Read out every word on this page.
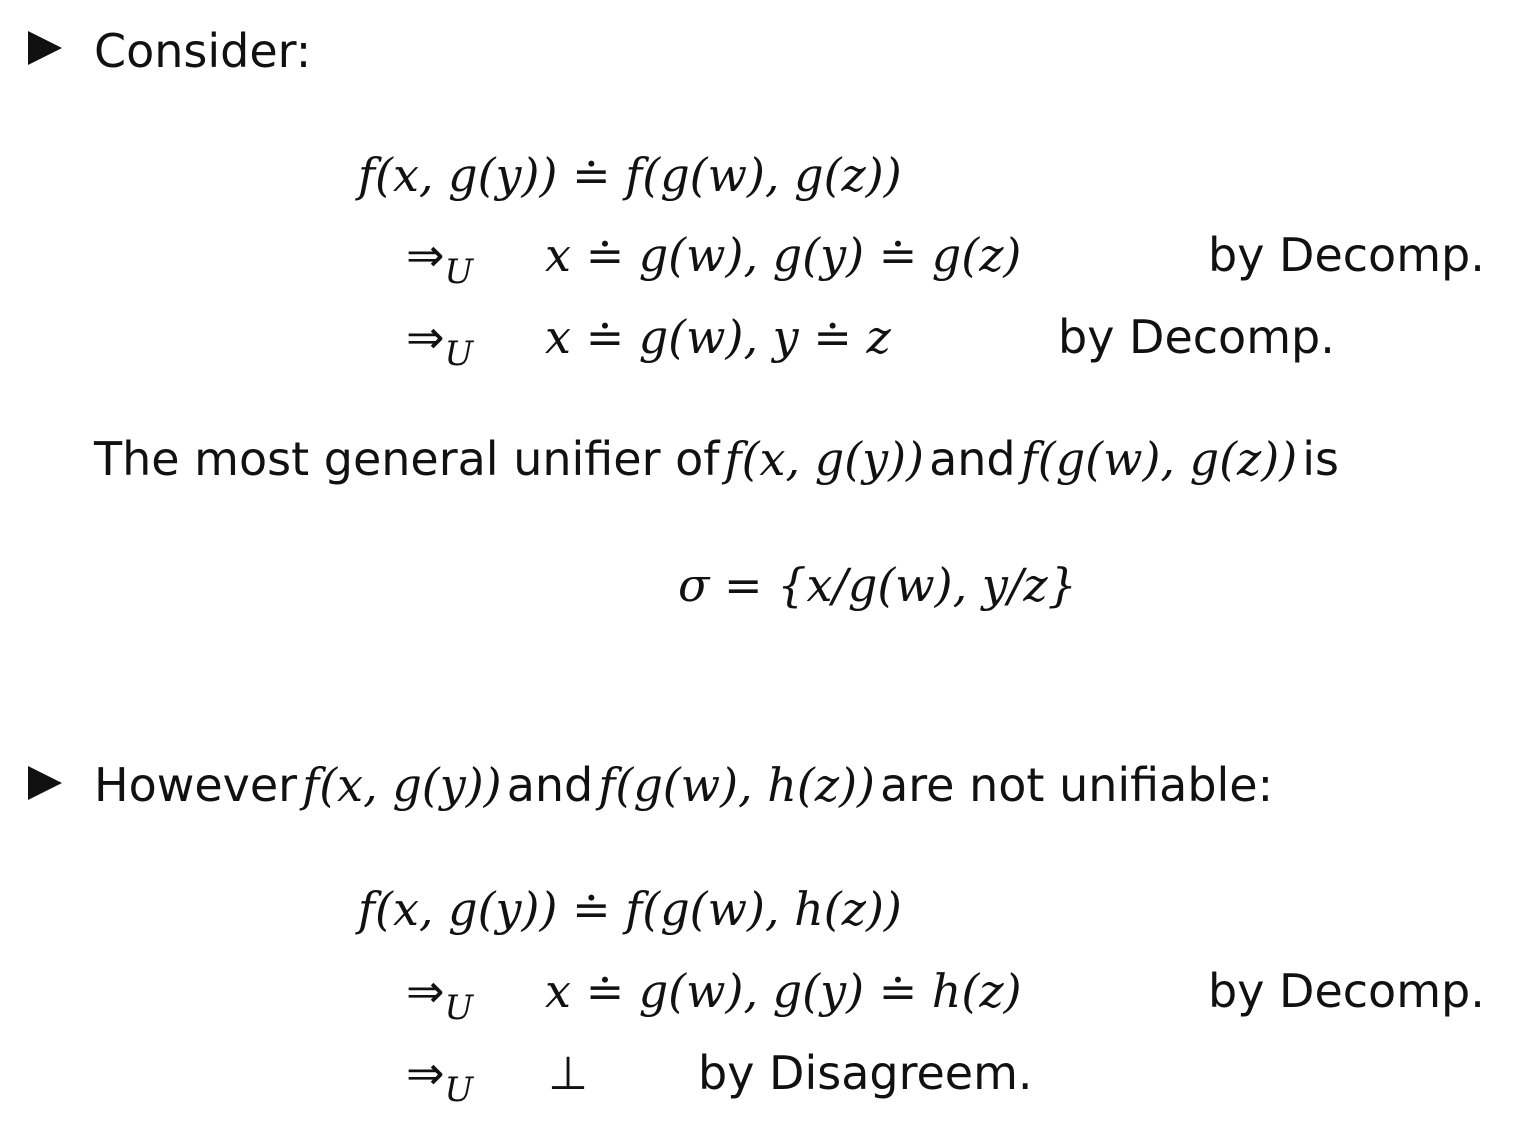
Consider:
f(x, g(y)) ≐ f(g(w), g(z))
⇒U x ≐ g(w), g(y) ≐ g(z)	by Decomp.
⇒U x ≐ g(w), y ≐ z	by Decomp.
The most general unifier of f(x, g(y)) and f(g(w), g(z)) is
σ = {x/g(w), y/z}
However f(x, g(y)) and f(g(w), h(z)) are not unifiable:
f(x, g(y)) ≐ f(g(w), h(z))
⇒U x ≐ g(w), g(y) ≐ h(z)	by Decomp.
⇒U ⊥ by Disagreem.
